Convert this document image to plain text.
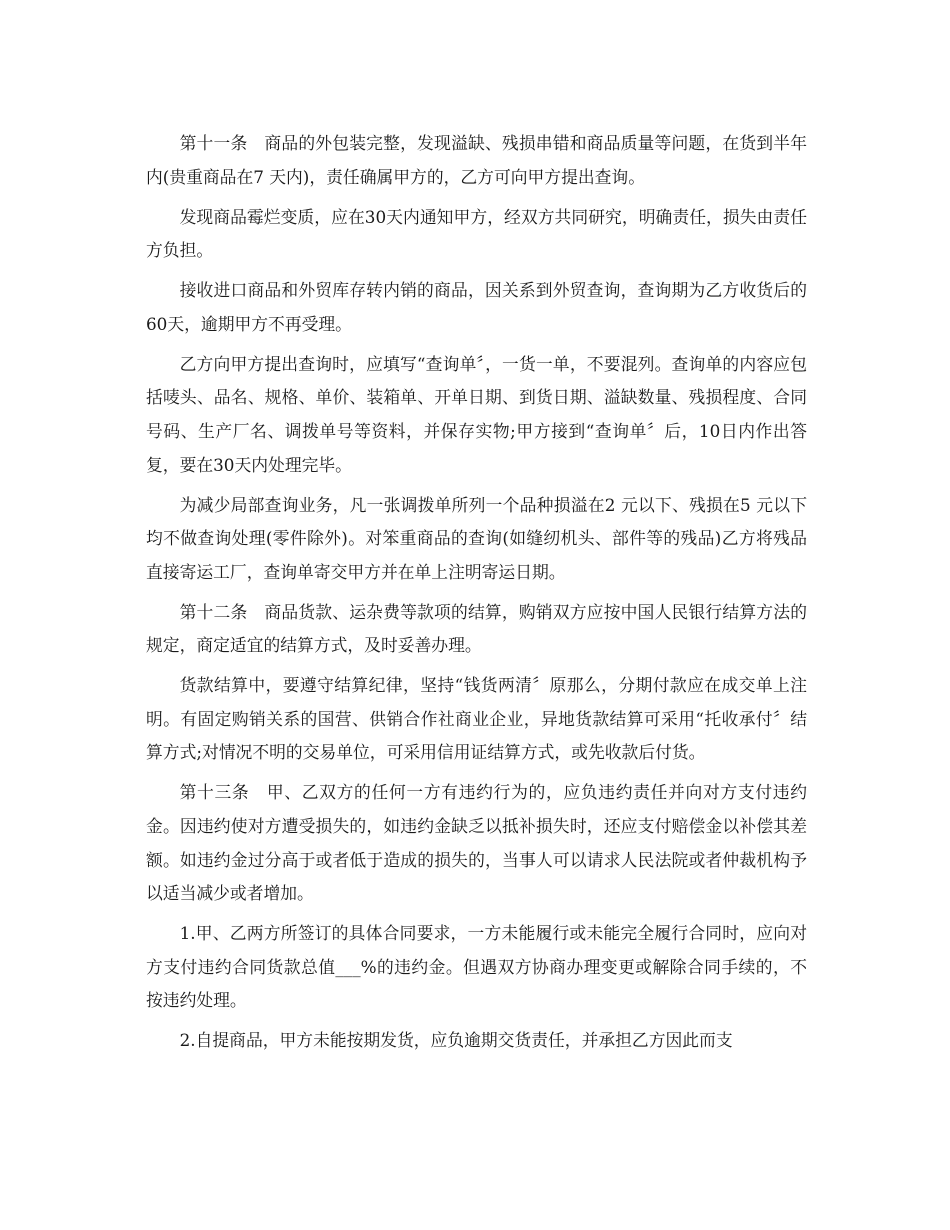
第十一条　商品的外包装完整，发现溢缺、残损串错和商品质量等问题，在货到半年内(贵重商品在7 天内)，责任确属甲方的，乙方可向甲方提出查询。

发现商品霉烂变质，应在30天内通知甲方，经双方共同研究，明确责任，损失由责任方负担。

接收进口商品和外贸库存转内销的商品，因关系到外贸查询，查询期为乙方收货后的60天，逾期甲方不再受理。

乙方向甲方提出查询时，应填写“查询单〞，一货一单，不要混列。查询单的内容应包括唛头、品名、规格、单价、装箱单、开单日期、到货日期、溢缺数量、残损程度、合同号码、生产厂名、调拨单号等资料，并保存实物;甲方接到“查询单〞后，10日内作出答复，要在30天内处理完毕。

为减少局部查询业务，凡一张调拨单所列一个品种损溢在2 元以下、残损在5 元以下均不做查询处理(零件除外)。对笨重商品的查询(如缝纫机头、部件等的残品)乙方将残品直接寄运工厂，查询单寄交甲方并在单上注明寄运日期。

第十二条　商品货款、运杂费等款项的结算，购销双方应按中国人民银行结算方法的规定，商定适宜的结算方式，及时妥善办理。

货款结算中，要遵守结算纪律，坚持“钱货两清〞原那么，分期付款应在成交单上注明。有固定购销关系的国营、供销合作社商业企业，异地货款结算可采用“托收承付〞结算方式;对情况不明的交易单位，可采用信用证结算方式，或先收款后付货。

第十三条　甲、乙双方的任何一方有违约行为的，应负违约责任并向对方支付违约金。因违约使对方遭受损失的，如违约金缺乏以抵补损失时，还应支付赔偿金以补偿其差额。如违约金过分高于或者低于造成的损失的，当事人可以请求人民法院或者仲裁机构予以适当减少或者增加。

1.甲、乙两方所签订的具体合同要求，一方未能履行或未能完全履行合同时，应向对方支付违约合同货款总值___%的违约金。但遇双方协商办理变更或解除合同手续的，不按违约处理。

2.自提商品，甲方未能按期发货，应负逾期交货责任，并承担乙方因此而支
